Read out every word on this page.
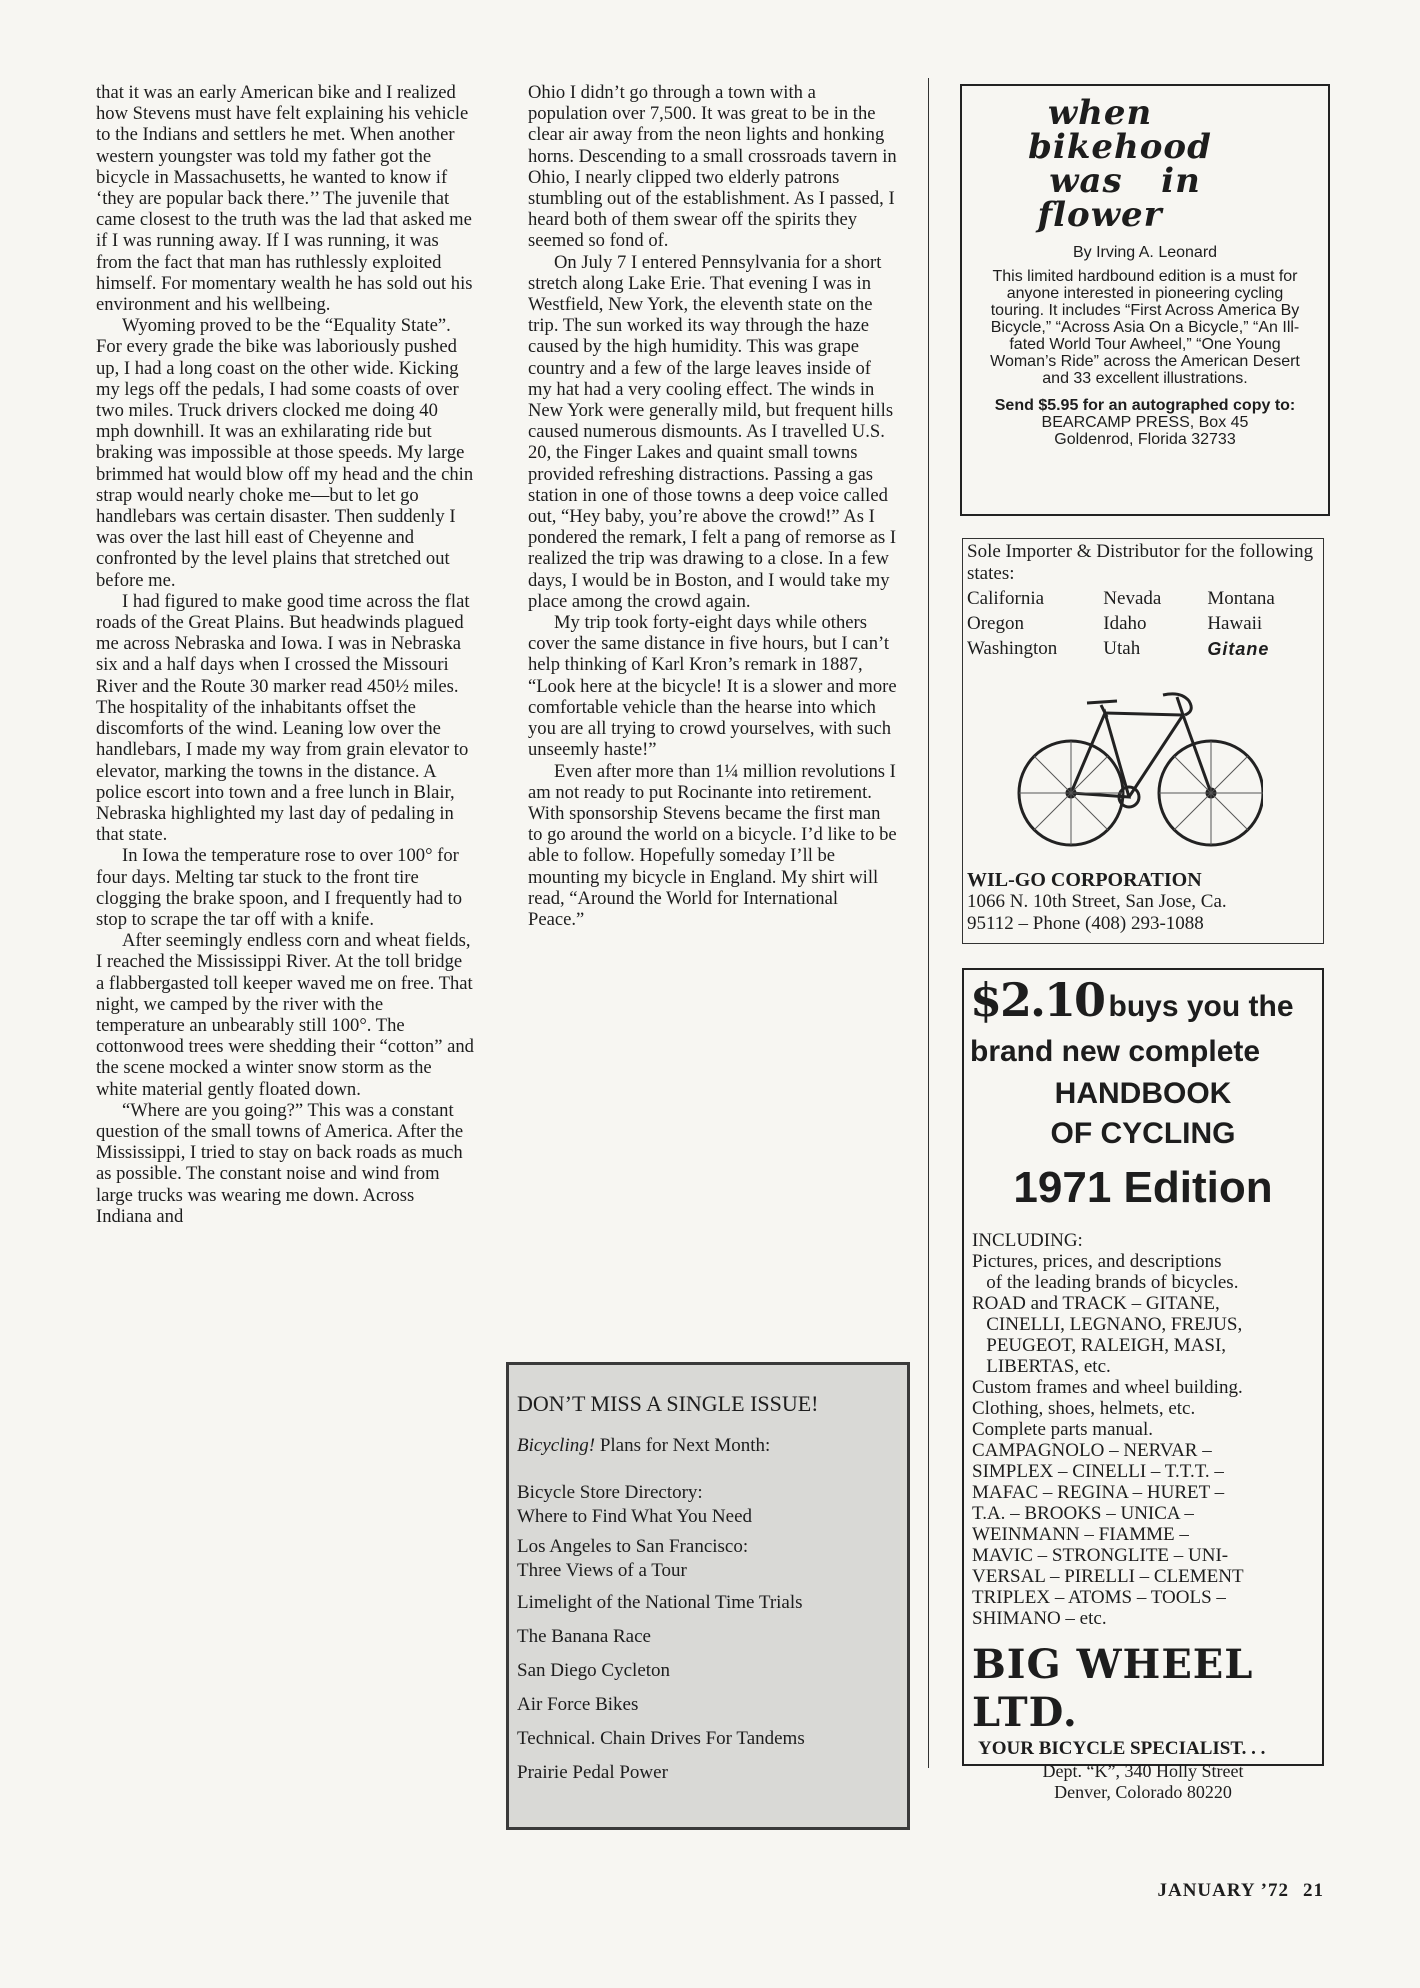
that it was an early American bike and I realized how Stevens must have felt explaining his vehicle to the Indians and settlers he met. When another western youngster was told my father got the bicycle in Massachusetts, he wanted to know if ‘they are popular back there.’’ The juvenile that came closest to the truth was the lad that asked me if I was running away. If I was running, it was from the fact that man has ruthlessly exploited himself. For momentary wealth he has sold out his environment and his wellbeing.

Wyoming proved to be the “Equality State”. For every grade the bike was laboriously pushed up, I had a long coast on the other wide. Kicking my legs off the pedals, I had some coasts of over two miles. Truck drivers clocked me doing 40 mph downhill. It was an exhilarating ride but braking was impossible at those speeds. My large brimmed hat would blow off my head and the chin strap would nearly choke me—but to let go handlebars was certain disaster. Then suddenly I was over the last hill east of Cheyenne and confronted by the level plains that stretched out before me.

I had figured to make good time across the flat roads of the Great Plains. But headwinds plagued me across Nebraska and Iowa. I was in Nebraska six and a half days when I crossed the Missouri River and the Route 30 marker read 450½ miles. The hospitality of the inhabitants offset the discomforts of the wind. Leaning low over the handlebars, I made my way from grain elevator to elevator, marking the towns in the distance. A police escort into town and a free lunch in Blair, Nebraska highlighted my last day of pedaling in that state.

In Iowa the temperature rose to over 100° for four days. Melting tar stuck to the front tire clogging the brake spoon, and I frequently had to stop to scrape the tar off with a knife.

After seemingly endless corn and wheat fields, I reached the Mississippi River. At the toll bridge a flabbergasted toll keeper waved me on free. That night, we camped by the river with the temperature an unbearably still 100°. The cottonwood trees were shedding their “cotton” and the scene mocked a winter snow storm as the white material gently floated down.

“Where are you going?” This was a constant question of the small towns of America. After the Mississippi, I tried to stay on back roads as much as possible. The constant noise and wind from large trucks was wearing me down. Across Indiana and

Ohio I didn’t go through a town with a population over 7,500. It was great to be in the clear air away from the neon lights and honking horns. Descending to a small crossroads tavern in Ohio, I nearly clipped two elderly patrons stumbling out of the establishment. As I passed, I heard both of them swear off the spirits they seemed so fond of.

On July 7 I entered Pennsylvania for a short stretch along Lake Erie. That evening I was in Westfield, New York, the eleventh state on the trip. The sun worked its way through the haze caused by the high humidity. This was grape country and a few of the large leaves inside of my hat had a very cooling effect. The winds in New York were generally mild, but frequent hills caused numerous dismounts. As I travelled U.S. 20, the Finger Lakes and quaint small towns provided refreshing distractions. Passing a gas station in one of those towns a deep voice called out, “Hey baby, you’re above the crowd!” As I pondered the remark, I felt a pang of remorse as I realized the trip was drawing to a close. In a few days, I would be in Boston, and I would take my place among the crowd again.

My trip took forty-eight days while others cover the same distance in five hours, but I can’t help thinking of Karl Kron’s remark in 1887, “Look here at the bicycle! It is a slower and more comfortable vehicle than the hearse into which you are all trying to crowd yourselves, with such unseemly haste!”

Even after more than 1¼ million revolutions I am not ready to put Rocinante into retirement. With sponsorship Stevens became the first man to go around the world on a bicycle. I’d like to be able to follow. Hopefully someday I’ll be mounting my bicycle in England. My shirt will read, “Around the World for International Peace.”

DON’T MISS A SINGLE ISSUE!
Bicycling! Plans for Next Month:
Bicycle Store Directory:
Where to Find What You Need
Los Angeles to San Francisco:
Three Views of a Tour
Limelight of the National Time Trials
The Banana Race
San Diego Cycleton
Air Force Bikes
Technical. Chain Drives For Tandems
Prairie Pedal Power
when
bikehood
was   in
flower
By Irving A. Leonard
This limited hardbound edition is a must for anyone interested in pioneering cycling touring. It includes “First Across America By Bicycle,” “Across Asia On a Bicycle,” “An Ill-fated World Tour Awheel,” “One Young Woman’s Ride” across the American Desert and 33 excellent illustrations.
Send $5.95 for an autographed copy to:
BEARCAMP PRESS, Box 45
Goldenrod, Florida 32733
Sole Importer & Distributor for the following states:
California	Nevada	Montana
Oregon	Idaho	Hawaii
Washington	Utah	Gitane
WIL-GO CORPORATION
1066 N. 10th Street, San Jose, Ca.
95112 – Phone (408) 293-1088
$2.10 buys you the
brand new complete
HANDBOOK
OF CYCLING
1971 Edition
INCLUDING:
Pictures, prices, and descriptions
of the leading brands of bicycles.
ROAD and TRACK – GITANE,
CINELLI, LEGNANO, FREJUS,
PEUGEOT, RALEIGH, MASI,
LIBERTAS, etc.
Custom frames and wheel building.
Clothing, shoes, helmets, etc.
Complete parts manual.
CAMPAGNOLO – NERVAR –
SIMPLEX – CINELLI – T.T.T. –
MAFAC – REGINA – HURET –
T.A. – BROOKS – UNICA –
WEINMANN – FIAMME –
MAVIC – STRONGLITE – UNI-
VERSAL – PIRELLI – CLEMENT
TRIPLEX – ATOMS – TOOLS –
SHIMANO – etc.
BIG WHEEL LTD.
YOUR BICYCLE SPECIALIST. . .
Dept. “K”, 340 Holly Street
Denver, Colorado 80220
JANUARY ’72 21
